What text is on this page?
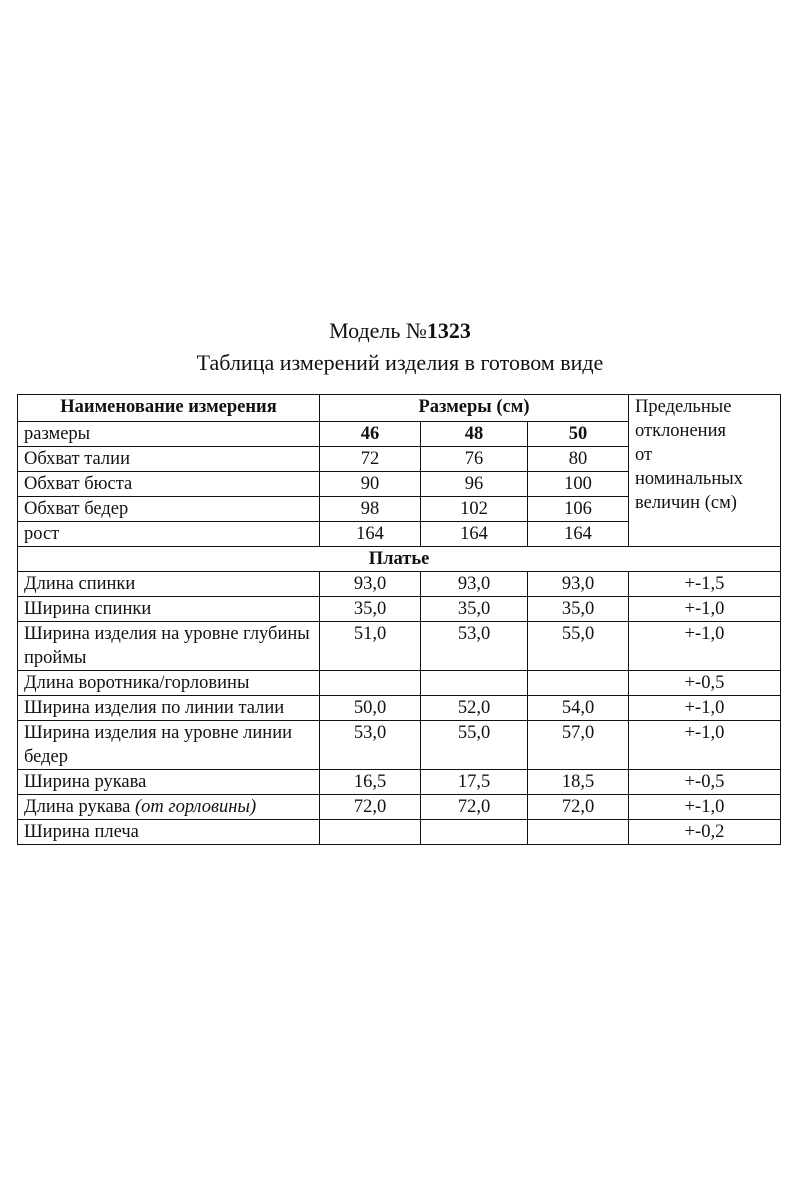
Модель №1323
Таблица измерений изделия в готовом виде
Наименование измерения	Размеры (см)			Предельные
отклонения
от
номинальных
величин (см)

размеры	46	48	50	
Обхват талии	72	76	80	
Обхват бюста	90	96	100	
Обхват бедер	98	102	106	
рост	164	164	164	
Платье				
Длина спинки	93,0	93,0	93,0	+-1,5
Ширина спинки	35,0	35,0	35,0	+-1,0
Ширина изделия на уровне глубины проймы	51,0	53,0	55,0	+-1,0
Длина воротника/горловины				+-0,5
Ширина изделия по линии талии	50,0	52,0	54,0	+-1,0
Ширина изделия на уровне линии бедер	53,0	55,0	57,0	+-1,0
Ширина рукава	16,5	17,5	18,5	+-0,5
Длина рукава (от горловины)	72,0	72,0	72,0	+-1,0
Ширина плеча				+-0,2
